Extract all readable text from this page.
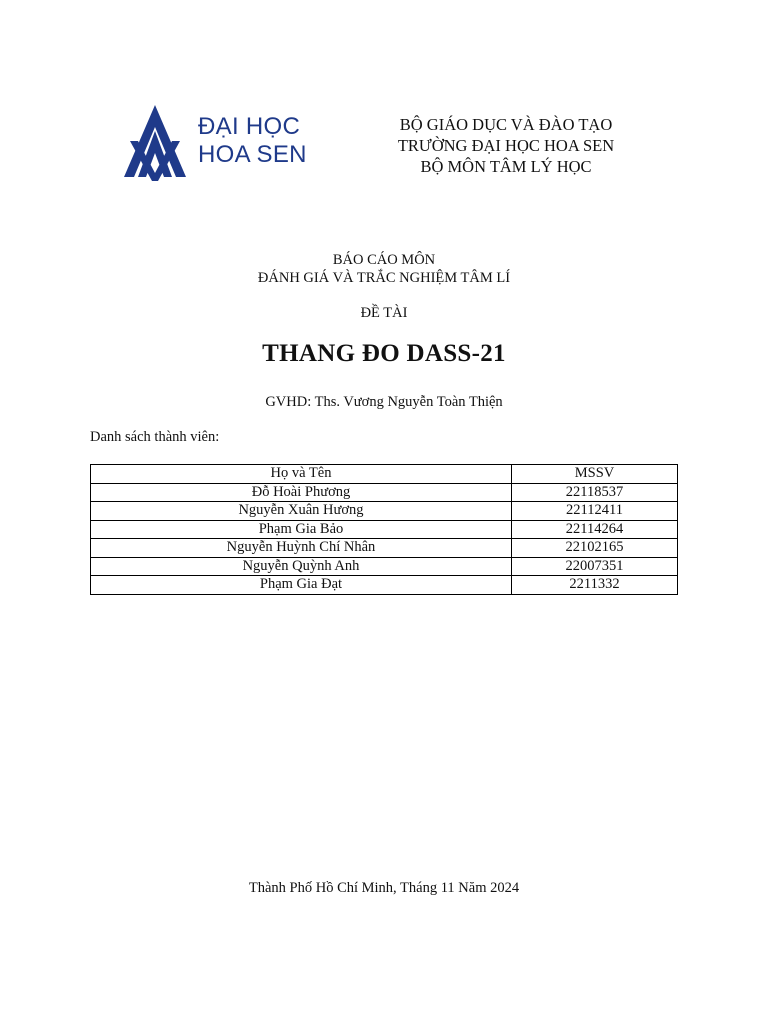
ĐẠI HỌC
HOA SEN
BỘ GIÁO DỤC VÀ ĐÀO TẠO
TRƯỜNG ĐẠI HỌC HOA SEN
BỘ MÔN TÂM LÝ HỌC
BÁO CÁO MÔN
ĐÁNH GIÁ VÀ TRẮC NGHIỆM TÂM LÍ
ĐỀ TÀI
THANG ĐO DASS-21
GVHD: Ths. Vương Nguyễn Toàn Thiện
Danh sách thành viên:
Họ và Tên	MSSV
Đỗ Hoài Phương	22118537
Nguyễn Xuân Hương	22112411
Phạm Gia Bảo	22114264
Nguyễn Huỳnh Chí Nhân	22102165
Nguyễn Quỳnh Anh	22007351
Phạm Gia Đạt	2211332
Thành Phố Hồ Chí Minh, Tháng 11 Năm 2024
